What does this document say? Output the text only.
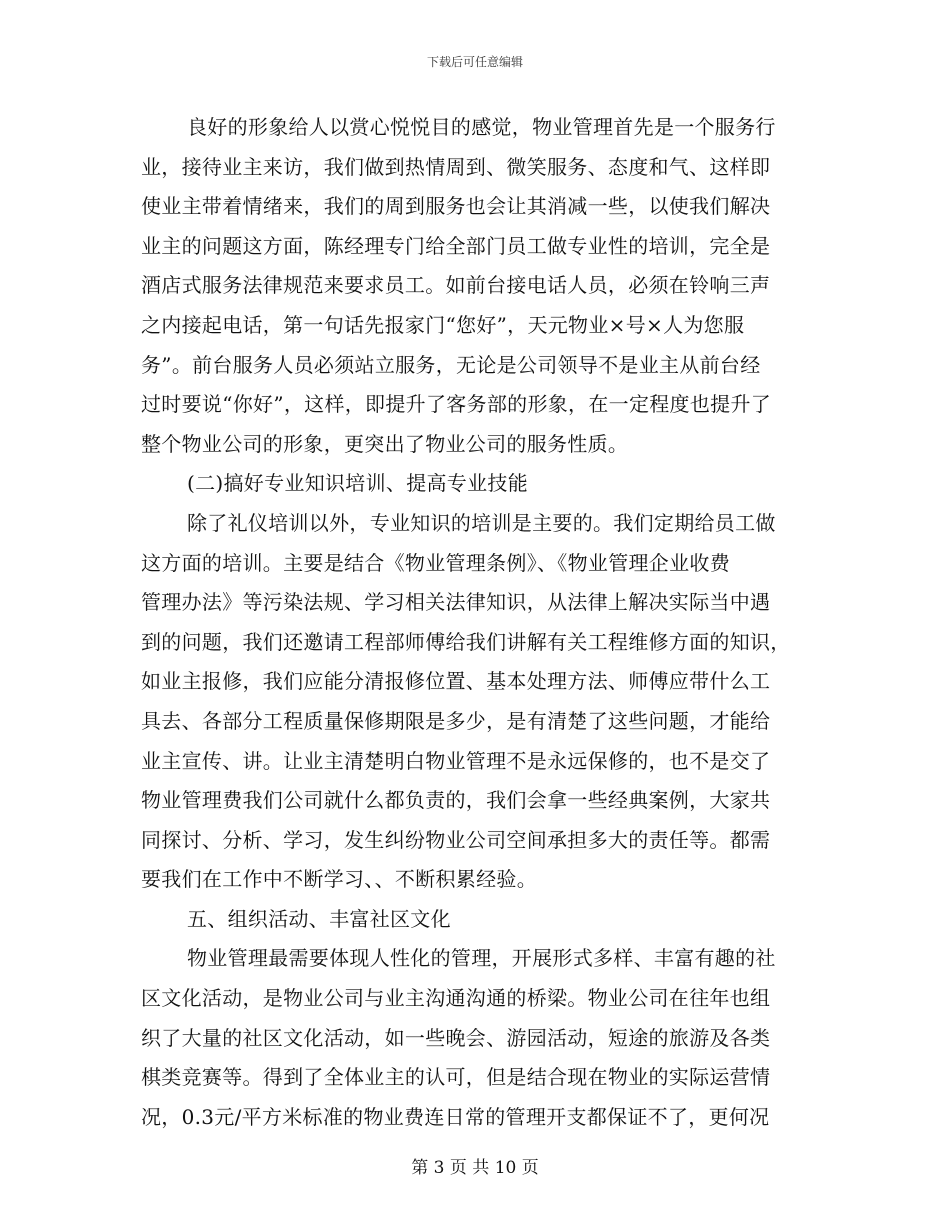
下载后可任意编辑
良好的形象给人以赏心悦悦目的感觉，物业管理首先是一个服务行
业，接待业主来访，我们做到热情周到、微笑服务、态度和气、这样即
使业主带着情绪来，我们的周到服务也会让其消减一些，以使我们解决
业主的问题这方面，陈经理专门给全部门员工做专业性的培训，完全是
酒店式服务法律规范来要求员工。如前台接电话人员，必须在铃响三声
之内接起电话，第一句话先报家门“您好”，天元物业×号×人为您服
务”。前台服务人员必须站立服务，无论是公司领导不是业主从前台经
过时要说“你好”，这样，即提升了客务部的形象，在一定程度也提升了
整个物业公司的形象，更突出了物业公司的服务性质。
(二)搞好专业知识培训、提高专业技能
除了礼仪培训以外，专业知识的培训是主要的。我们定期给员工做
这方面的培训。主要是结合《物业管理条例》、《物业管理企业收费
管理办法》等污染法规、学习相关法律知识，从法律上解决实际当中遇
到的问题，我们还邀请工程部师傅给我们讲解有关工程维修方面的知识，
如业主报修，我们应能分清报修位置、基本处理方法、师傅应带什么工
具去、各部分工程质量保修期限是多少，是有清楚了这些问题，才能给
业主宣传、讲。让业主清楚明白物业管理不是永远保修的，也不是交了
物业管理费我们公司就什么都负责的，我们会拿一些经典案例，大家共
同探讨、分析、学习，发生纠纷物业公司空间承担多大的责任等。都需
要我们在工作中不断学习、、不断积累经验。
五、组织活动、丰富社区文化
物业管理最需要体现人性化的管理，开展形式多样、丰富有趣的社
区文化活动，是物业公司与业主沟通沟通的桥梁。物业公司在往年也组
织了大量的社区文化活动，如一些晚会、游园活动，短途的旅游及各类
棋类竞赛等。得到了全体业主的认可，但是结合现在物业的实际运营情
况，0.3元/平方米标准的物业费连日常的管理开支都保证不了，更何况
第 3 页 共 10 页
